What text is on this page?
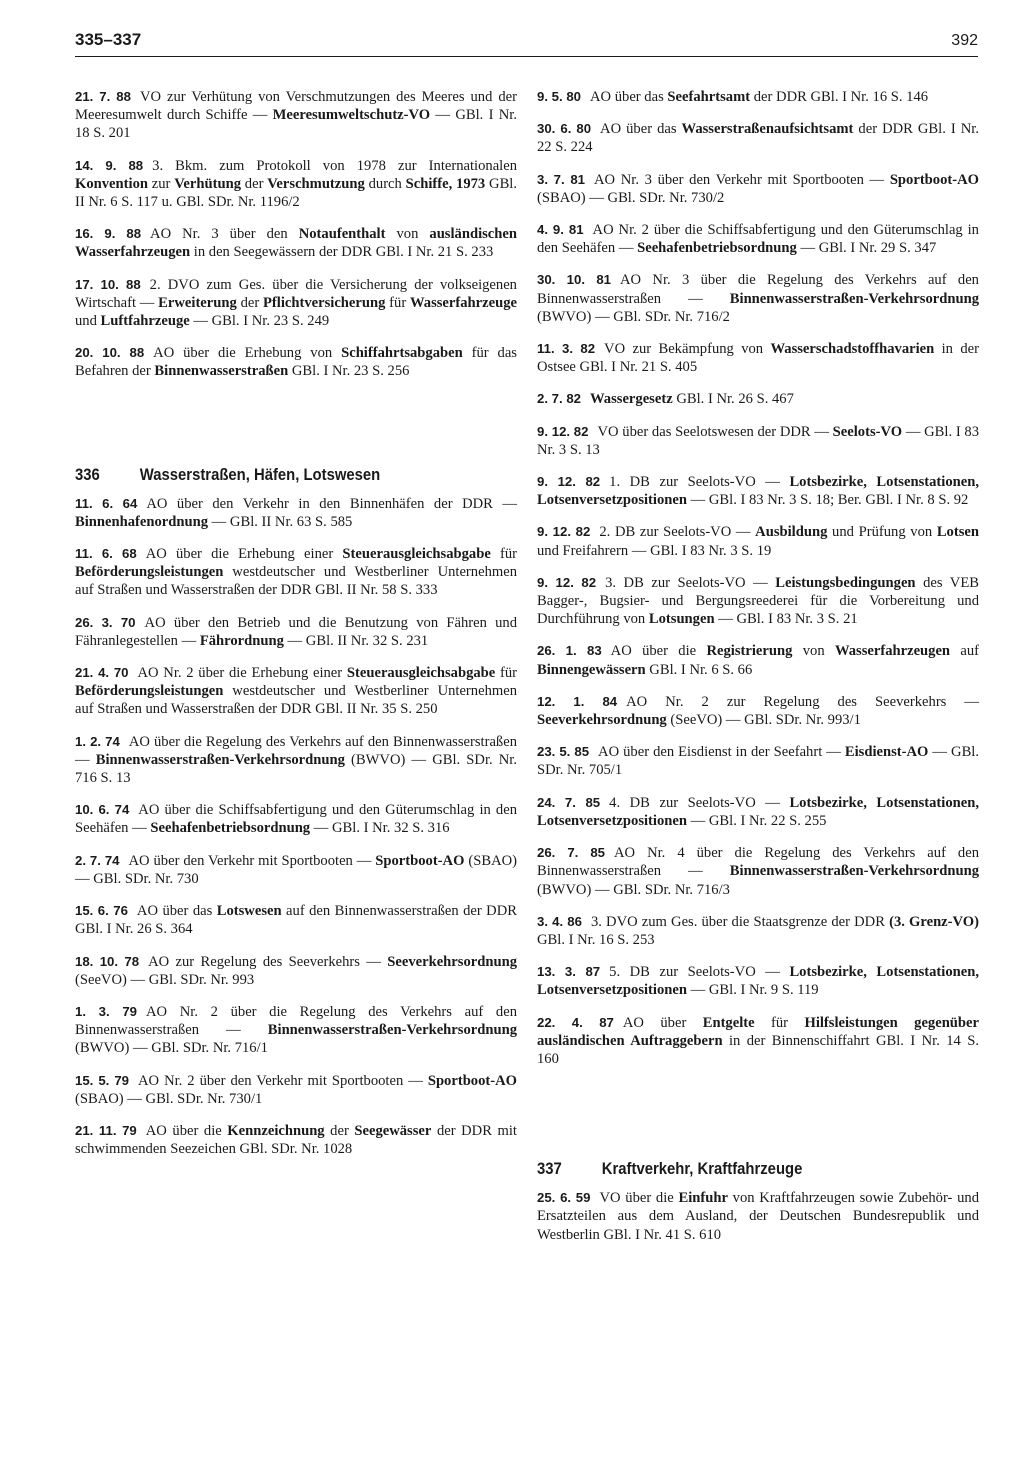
335–337	392

21. 7. 88 VO zur Verhütung von Verschmutzungen des Meeres und der Meeresumwelt durch Schiffe — Meeresumweltschutz-VO — GBl. I Nr. 18 S. 201

14. 9. 88 3. Bkm. zum Protokoll von 1978 zur Internationalen Konvention zur Verhütung der Verschmutzung durch Schiffe, 1973 GBl. II Nr. 6 S. 117 u. GBl. SDr. Nr. 1196/2

16. 9. 88 AO Nr. 3 über den Notaufenthalt von ausländischen Wasserfahrzeugen in den Seegewässern der DDR GBl. I Nr. 21 S. 233

17. 10. 88 2. DVO zum Ges. über die Versicherung der volkseigenen Wirtschaft — Erweiterung der Pflichtversicherung für Wasserfahrzeuge und Luftfahrzeuge — GBl. I Nr. 23 S. 249

20. 10. 88 AO über die Erhebung von Schiffahrtsabgaben für das Befahren der Binnenwasserstraßen GBl. I Nr. 23 S. 256

336 Wasserstraßen, Häfen, Lotswesen

11. 6. 64 AO über den Verkehr in den Binnenhäfen der DDR — Binnenhafenordnung — GBl. II Nr. 63 S. 585

11. 6. 68 AO über die Erhebung einer Steuerausgleichsabgabe für Beförderungsleistungen westdeutscher und Westberliner Unternehmen auf Straßen und Wasserstraßen der DDR GBl. II Nr. 58 S. 333

26. 3. 70 AO über den Betrieb und die Benutzung von Fähren und Fähranlegestellen — Fährordnung — GBl. II Nr. 32 S. 231

21. 4. 70 AO Nr. 2 über die Erhebung einer Steuerausgleichsabgabe für Beförderungsleistungen westdeutscher und Westberliner Unternehmen auf Straßen und Wasserstraßen der DDR GBl. II Nr. 35 S. 250

1. 2. 74 AO über die Regelung des Verkehrs auf den Binnenwasserstraßen — Binnenwasserstraßen-Verkehrsordnung (BWVO) — GBl. SDr. Nr. 716 S. 13

10. 6. 74 AO über die Schiffsabfertigung und den Güterumschlag in den Seehäfen — Seehafenbetriebsordnung — GBl. I Nr. 32 S. 316

2. 7. 74 AO über den Verkehr mit Sportbooten — Sportboot-AO (SBAO) — GBl. SDr. Nr. 730

15. 6. 76 AO über das Lotswesen auf den Binnenwasserstraßen der DDR GBl. I Nr. 26 S. 364

18. 10. 78 AO zur Regelung des Seeverkehrs — Seeverkehrsordnung (SeeVO) — GBl. SDr. Nr. 993

1. 3. 79 AO Nr. 2 über die Regelung des Verkehrs auf den Binnenwasserstraßen — Binnenwasserstraßen-Verkehrsordnung (BWVO) — GBl. SDr. Nr. 716/1

15. 5. 79 AO Nr. 2 über den Verkehr mit Sportbooten — Sportboot-AO (SBAO) — GBl. SDr. Nr. 730/1

21. 11. 79 AO über die Kennzeichnung der Seegewässer der DDR mit schwimmenden Seezeichen GBl. SDr. Nr. 1028

9. 5. 80 AO über das Seefahrtsamt der DDR GBl. I Nr. 16 S. 146

30. 6. 80 AO über das Wasserstraßenaufsichtsamt der DDR GBl. I Nr. 22 S. 224

3. 7. 81 AO Nr. 3 über den Verkehr mit Sportbooten — Sportboot-AO (SBAO) — GBl. SDr. Nr. 730/2

4. 9. 81 AO Nr. 2 über die Schiffsabfertigung und den Güterumschlag in den Seehäfen — Seehafenbetriebsordnung — GBl. I Nr. 29 S. 347

30. 10. 81 AO Nr. 3 über die Regelung des Verkehrs auf den Binnenwasserstraßen — Binnenwasserstraßen-Verkehrsordnung (BWVO) — GBl. SDr. Nr. 716/2

11. 3. 82 VO zur Bekämpfung von Wasserschadstoffhavarien in der Ostsee GBl. I Nr. 21 S. 405

2. 7. 82 Wassergesetz GBl. I Nr. 26 S. 467

9. 12. 82 VO über das Seelotswesen der DDR — Seelots-VO — GBl. I 83 Nr. 3 S. 13

9. 12. 82 1. DB zur Seelots-VO — Lotsbezirke, Lotsenstationen, Lotsenversetzpositionen — GBl. I 83 Nr. 3 S. 18; Ber. GBl. I Nr. 8 S. 92

9. 12. 82 2. DB zur Seelots-VO — Ausbildung und Prüfung von Lotsen und Freifahrern — GBl. I 83 Nr. 3 S. 19

9. 12. 82 3. DB zur Seelots-VO — Leistungsbedingungen des VEB Bagger-, Bugsier- und Bergungsreederei für die Vorbereitung und Durchführung von Lotsungen — GBl. I 83 Nr. 3 S. 21

26. 1. 83 AO über die Registrierung von Wasserfahrzeugen auf Binnengewässern GBl. I Nr. 6 S. 66

12. 1. 84 AO Nr. 2 zur Regelung des Seeverkehrs — Seeverkehrsordnung (SeeVO) — GBl. SDr. Nr. 993/1

23. 5. 85 AO über den Eisdienst in der Seefahrt — Eisdienst-AO — GBl. SDr. Nr. 705/1

24. 7. 85 4. DB zur Seelots-VO — Lotsbezirke, Lotsenstationen, Lotsenversetzpositionen — GBl. I Nr. 22 S. 255

26. 7. 85 AO Nr. 4 über die Regelung des Verkehrs auf den Binnenwasserstraßen — Binnenwasserstraßen-Verkehrsordnung (BWVO) — GBl. SDr. Nr. 716/3

3. 4. 86 3. DVO zum Ges. über die Staatsgrenze der DDR (3. Grenz-VO) GBl. I Nr. 16 S. 253

13. 3. 87 5. DB zur Seelots-VO — Lotsbezirke, Lotsenstationen, Lotsenversetzpositionen — GBl. I Nr. 9 S. 119

22. 4. 87 AO über Entgelte für Hilfsleistungen gegenüber ausländischen Auftraggebern in der Binnenschiffahrt GBl. I Nr. 14 S. 160

337 Kraftverkehr, Kraftfahrzeuge

25. 6. 59 VO über die Einfuhr von Kraftfahrzeugen sowie Zubehör- und Ersatzteilen aus dem Ausland, der Deutschen Bundesrepublik und Westberlin GBl. I Nr. 41 S. 610
